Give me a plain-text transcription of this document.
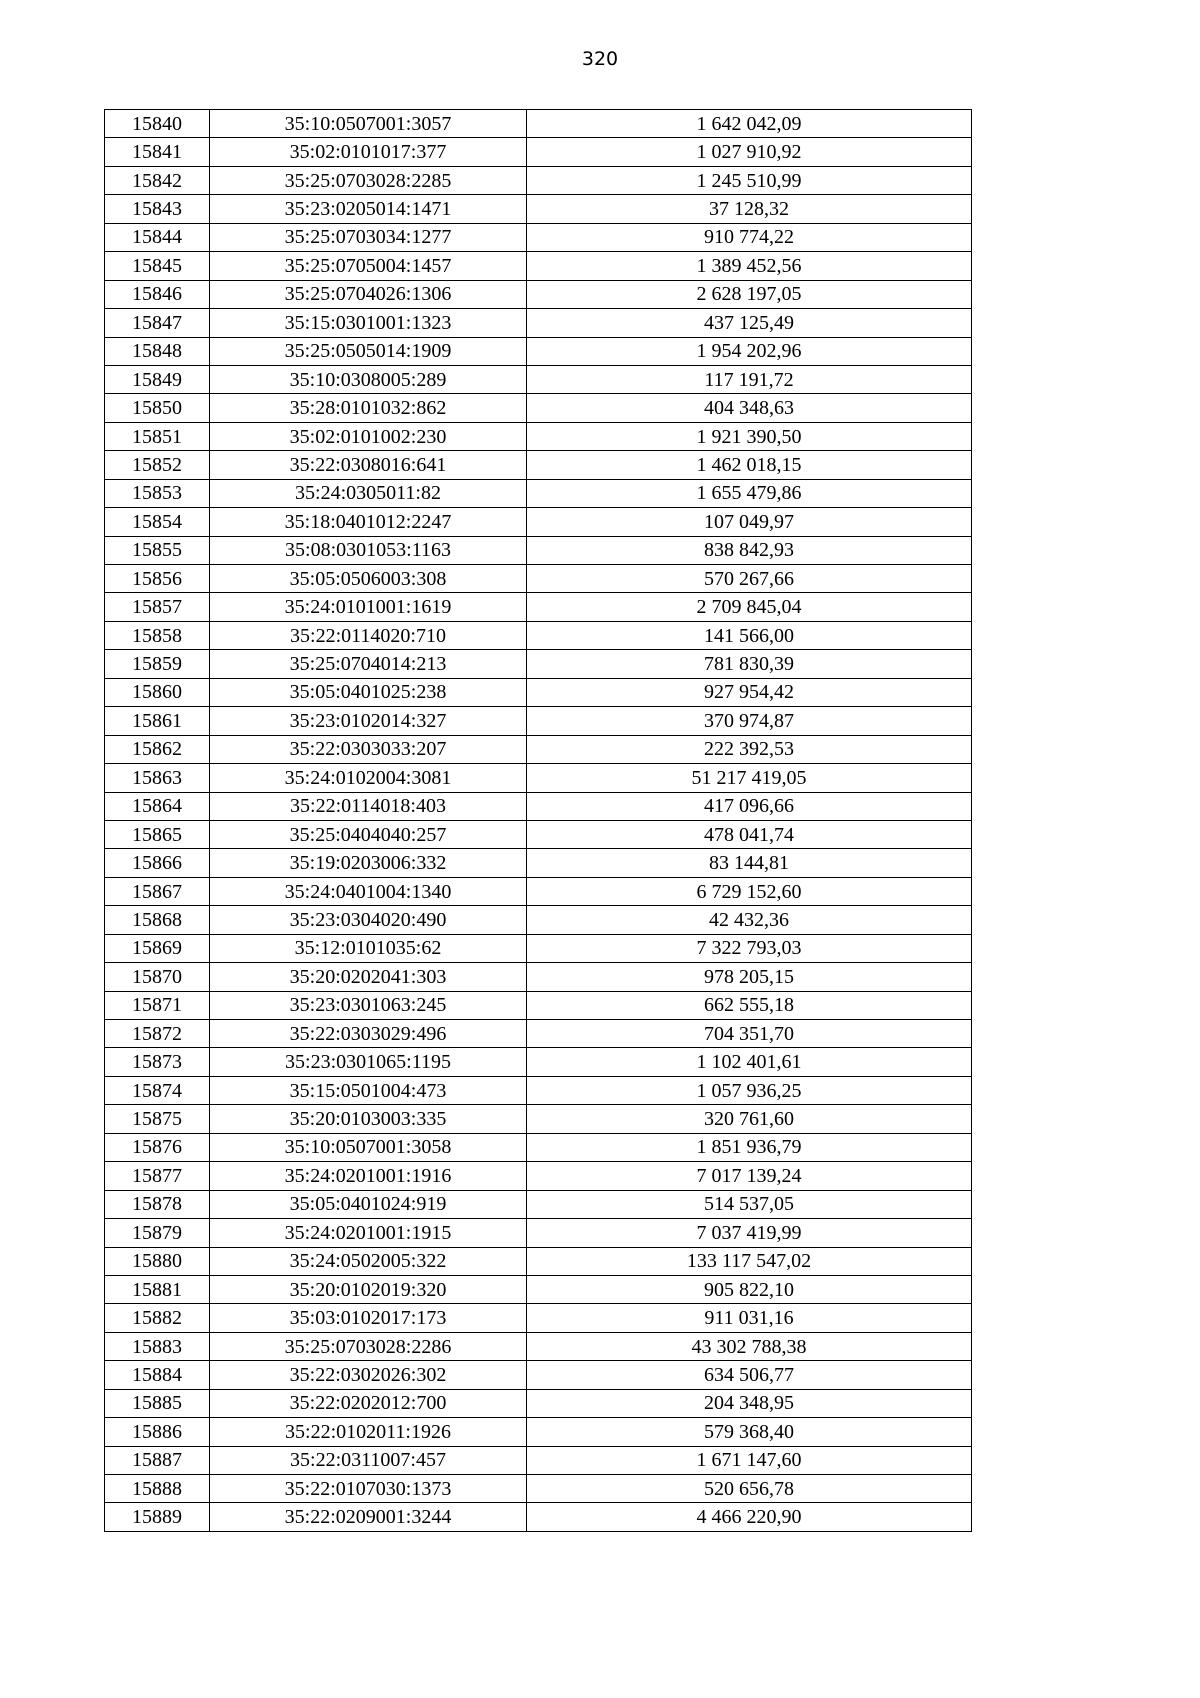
320
15840	35:10:0507001:3057	1 642 042,09
15841	35:02:0101017:377	1 027 910,92
15842	35:25:0703028:2285	1 245 510,99
15843	35:23:0205014:1471	37 128,32
15844	35:25:0703034:1277	910 774,22
15845	35:25:0705004:1457	1 389 452,56
15846	35:25:0704026:1306	2 628 197,05
15847	35:15:0301001:1323	437 125,49
15848	35:25:0505014:1909	1 954 202,96
15849	35:10:0308005:289	117 191,72
15850	35:28:0101032:862	404 348,63
15851	35:02:0101002:230	1 921 390,50
15852	35:22:0308016:641	1 462 018,15
15853	35:24:0305011:82	1 655 479,86
15854	35:18:0401012:2247	107 049,97
15855	35:08:0301053:1163	838 842,93
15856	35:05:0506003:308	570 267,66
15857	35:24:0101001:1619	2 709 845,04
15858	35:22:0114020:710	141 566,00
15859	35:25:0704014:213	781 830,39
15860	35:05:0401025:238	927 954,42
15861	35:23:0102014:327	370 974,87
15862	35:22:0303033:207	222 392,53
15863	35:24:0102004:3081	51 217 419,05
15864	35:22:0114018:403	417 096,66
15865	35:25:0404040:257	478 041,74
15866	35:19:0203006:332	83 144,81
15867	35:24:0401004:1340	6 729 152,60
15868	35:23:0304020:490	42 432,36
15869	35:12:0101035:62	7 322 793,03
15870	35:20:0202041:303	978 205,15
15871	35:23:0301063:245	662 555,18
15872	35:22:0303029:496	704 351,70
15873	35:23:0301065:1195	1 102 401,61
15874	35:15:0501004:473	1 057 936,25
15875	35:20:0103003:335	320 761,60
15876	35:10:0507001:3058	1 851 936,79
15877	35:24:0201001:1916	7 017 139,24
15878	35:05:0401024:919	514 537,05
15879	35:24:0201001:1915	7 037 419,99
15880	35:24:0502005:322	133 117 547,02
15881	35:20:0102019:320	905 822,10
15882	35:03:0102017:173	911 031,16
15883	35:25:0703028:2286	43 302 788,38
15884	35:22:0302026:302	634 506,77
15885	35:22:0202012:700	204 348,95
15886	35:22:0102011:1926	579 368,40
15887	35:22:0311007:457	1 671 147,60
15888	35:22:0107030:1373	520 656,78
15889	35:22:0209001:3244	4 466 220,90
